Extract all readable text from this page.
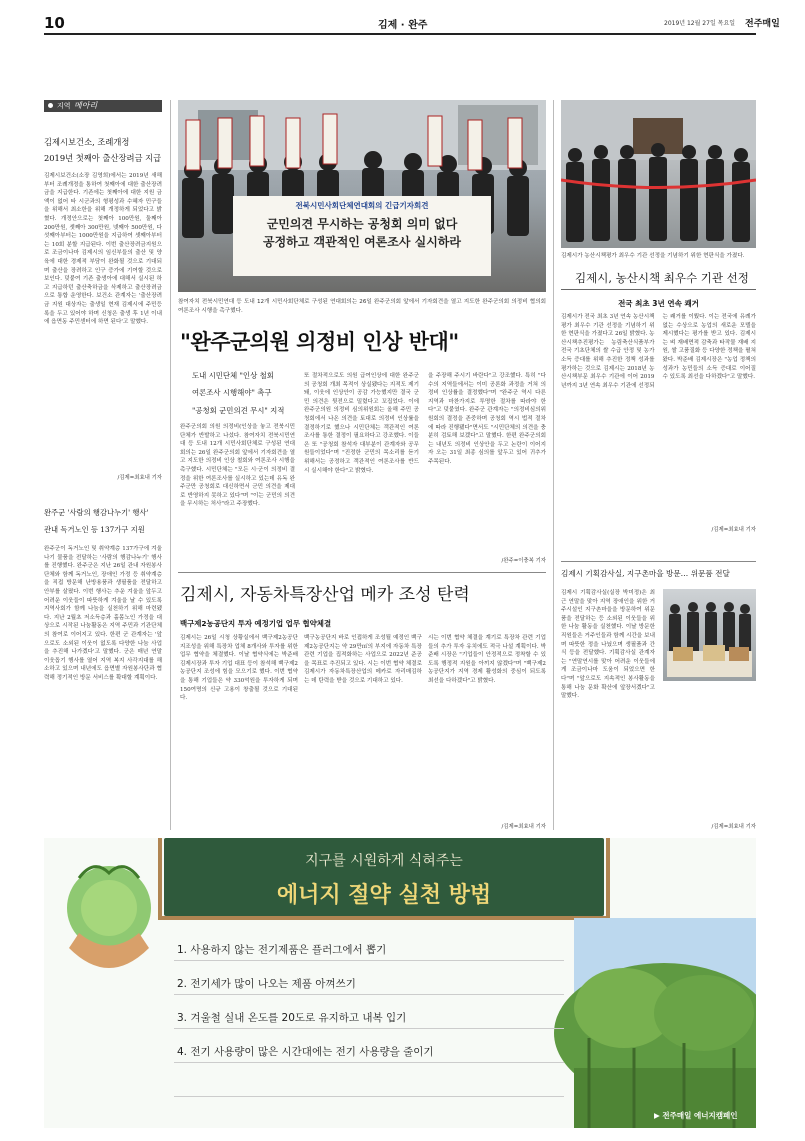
10	김제 · 완주	2019년 12월 27일 목요일 전주매일
지역 메아리
김제시보건소, 조례개정
2019년 첫째아 출산장려금 지급
김제시보건소(소장 김영희)에서는 2019년 새해부터 조례개정을 통하여 첫째아에 대한 출산장려금을 지급한다. 기존에는 첫째아에 대한 지원 금액이 없어 타 시군과의 형평성과 수혜자 민구들을 위해서 최소한을 위해 개정하게 되었다고 밝혔다. 개정안으로는 첫째아 100만원, 둘째아 200만원, 셋째아 300만원, 넷째아 500만원, 다섯째아부터는 1000만원을 지급하여 셋째아부터는 10회 분할 지급된다. 이번 출산장려금지원으로 조금이나마 김제시의 임신부들의 출산 및 양육에 대한 경제적 부담이 완화될 것으로 기대되며 출산을 장려하고 인구 증가에 기여할 것으로 보인다. 덧붙여 기존 출생아에 대해서 실시된 하고 지급하던 출산축하금을 삭제하고 출산장려금으로 통합 운영한다. 보건소 관계자는 '출산장려금 지원 대상자는 출생일 현재 김제시에 주민등록을 두고 있어야 하며 신청은 출생 후 1년 이내에 읍면동 주민센터에 하면 된다'고 말했다.
/김제=최효내 기자
완주군 '사람의 행감나누기' 행사'
관내 독거노인 등 137가구 지원
완주군이 독거노인 및 취약계층 137가구에 겨울나기 물품을 전달하는 '사람의 행감나누기' 행사를 진행했다. 완주군은 지난 26일 관내 자원봉사단체와 함께 독거노인, 장애인 가정 등 취약계층을 직접 방문해 난방용품과 생필품을 전달하고 안부를 살폈다. 이번 행사는 추운 겨울을 앞두고 어려운 이웃들이 따뜻하게 겨울을 날 수 있도록 지역사회가 함께 나눔을 실천하기 위해 마련됐다. 지난 2월초 저소득층과 홀몸노인 가정을 대상으로 시작된 나눔활동은 지역 주민과 기관단체의 참여로 이어지고 있다. 한편 군 관계자는 '앞으로도 소외된 이웃이 없도록 다양한 나눔 사업을 추진해 나가겠다'고 말했다. 군은 매년 연말 이웃돕기 행사를 열어 지역 복지 사각지대를 해소하고 있으며 내년에도 읍면별 자원봉사단과 협력해 정기적인 방문 서비스를 확대할 계획이다.
전북시민사회단체연대회의 긴급기자회견
군민의견 무시하는 공청회 의미 없다
공정하고 객관적인 여론조사 실시하라
참여자치 전북시민연대 등 도내 12개 시민사회단체로 구성된 연대회의는 26일 완주군의회 앞에서 기자회견을 열고 지도한 완주군의회 의정비 협의회 여론조사 시행을 촉구했다.
"완주군의원 의정비 인상 반대"
도내 시민단체 "인상 철회
여론조사 시행해야" 촉구
"공청회 군민의견 무시" 지적
완주군의회 의원 의정비(인상을 놓고 전북시민단체가 반발하고 나섰다. 참여자치 전북시민연대 등 도내 12개 시민사회단체로 구성된 연대회의는 26일 완주군의회 앞에서 기자회견을 열고 지도한 의정비 인상 철회와 여론조사 시행을 촉구했다. 시민단체는 "모든 시·군이 의정비 결정을 위한 여론조사를 실시하고 있는데 유독 완주군만 공청회로 대신하면서 군민 의견을 제대로 반영하지 못하고 있다"며 "이는 군민의 의견을 무시하는 처사"라고 주장했다.
또 절차적으로도 의원 급여인상에 대한 완주군의 공청회 개최 목적이 상실됐다는 지적도 제기돼, 이웃에 인상안이 공감 가능했지만 결국 군민 의견은 뒷전으로 밀렸다고 꼬집었다. 이에 완주군의원 의정비 심의위원회는 올해 주민 공청회에서 나온 의견을 토대로 의정비 인상률을 결정하기로 했으나 시민단체는 객관적인 여론조사를 통한 결정이 필요하다고 강조했다. 이들은 또 "공청회 참석자 대부분이 관계자와 공무원들이었다"며 "진정한 군민의 목소리를 듣기 위해서는 공정하고 객관적인 여론조사를 반드시 실시해야 한다"고 밝혔다.
을 주장해 주시기 바란다"고 강조했다. 특히 "다수의 지역들에서는 이미 공론화 과정을 거쳐 의정비 인상률을 결정했다"며 "완주군 역시 다른 지역과 마찬가지로 투명한 절차를 따라야 한다"고 덧붙였다. 완주군 관계자는 "의정비심의위원회의 결정을 존중하며 공청회 역시 법적 절차에 따라 진행됐다"면서도 "시민단체의 의견을 충분히 검토해 보겠다"고 말했다. 한편 완주군의회는 내년도 의정비 인상안을 두고 논란이 이어지자 오는 31일 최종 심의를 앞두고 있어 귀추가 주목된다.
/완주=이충복 기자
김제시가 농산시책평가 최우수 기관 선정을 기념하기 위한 현판식을 가졌다.
김제시, 농산시책 최우수 기관 선정
전국 최초 3년 연속 쾌거
김제시가 전국 최초 3년 연속 농산시책평가 최우수 기관 선정을 기념하기 위한 현판식을 가졌다고 26일 밝혔다. 농산시책추진평가는 농림축산식품부가 전국 기초단체의 쌀 수급 안정 및 농가소득 증대를 위해 추진한 정책 성과를 평가하는 것으로 김제시는 2018년 농산시책부문 최우수 기관에 이어 2019년까지 3년 연속 최우수 기관에 선정되는 쾌거를 이뤘다. 이는 전국에 유례가 없는 수상으로 농업의 새로운 모델을 제시했다는 평가를 받고 있다. 김제시는 벼 재배면적 감축과 타작물 재배 지원, 쌀 고품질화 등 다양한 정책을 펼쳐 왔다. 박준배 김제시장은 "농업 정책의 성과가 농민들의 소득 증대로 이어질 수 있도록 최선을 다하겠다"고 말했다.
/김제=최효내 기자
김제시 기획감사실, 지구촌마을 방문… 위문품 전달
김제시 기획감사실(실장 박미정)은 최근 연말을 맞아 지역 장애인을 위한 거주시설인 지구촌마을을 방문하여 위문품을 전달하는 등 소외된 이웃들을 위한 나눔 활동을 실천했다. 이날 방문한 직원들은 거주인들과 함께 시간을 보내며 따뜻한 정을 나눴으며 생필품과 간식 등을 전달했다. 기획감사실 관계자는 "연말연시를 맞아 어려운 이웃들에게 조금이나마 도움이 되었으면 한다"며 "앞으로도 지속적인 봉사활동을 통해 나눔 문화 확산에 앞장서겠다"고 말했다.
/김제=최효내 기자
김제시, 자동차특장산업 메카 조성 탄력
백구제2농공단지 투자 예정기업 업무 협약체결
김제시는 26일 시청 상황실에서 백구제2농공단지조성을 위해 특장차 업체 8개사와 투자를 위한 업무 협약을 체결했다. 이날 협약식에는 박준배 김제시장과 투자 기업 대표 등이 참석해 백구제2농공단지 조성에 힘을 모으기로 했다. 이번 협약을 통해 기업들은 약 330억원을 투자하게 되며 150여명의 신규 고용이 창출될 것으로 기대된다.
백구농공단지 바로 인접하게 조성될 예정인 백구제2농공단지는 약 29만㎡의 부지에 자동차 특장 관련 기업을 집적화하는 사업으로 2022년 준공을 목표로 추진되고 있다. 시는 이번 협약 체결로 김제시가 자동차특장산업의 메카로 자리매김하는 데 탄력을 받을 것으로 기대하고 있다.
시는 이번 협약 체결을 계기로 특장차 관련 기업들의 추가 투자 유치에도 적극 나설 계획이다. 박준배 시장은 "기업들이 안정적으로 정착할 수 있도록 행정적 지원을 아끼지 않겠다"며 "백구제2농공단지가 지역 경제 활성화의 중심이 되도록 최선을 다하겠다"고 밝혔다.
/김제=최효내 기자
지구를 시원하게 식혀주는
에너지 절약 실천 방법
1. 사용하지 않는 전기제품은 플러그에서 뽑기
2. 전기세가 많이 나오는 제품 아껴쓰기
3. 겨울철 실내 온도를 20도로 유지하고 내복 입기
4. 전기 사용량이 많은 시간대에는 전기 사용량을 줄이기
▶ 전주매일 에너지캠페인
